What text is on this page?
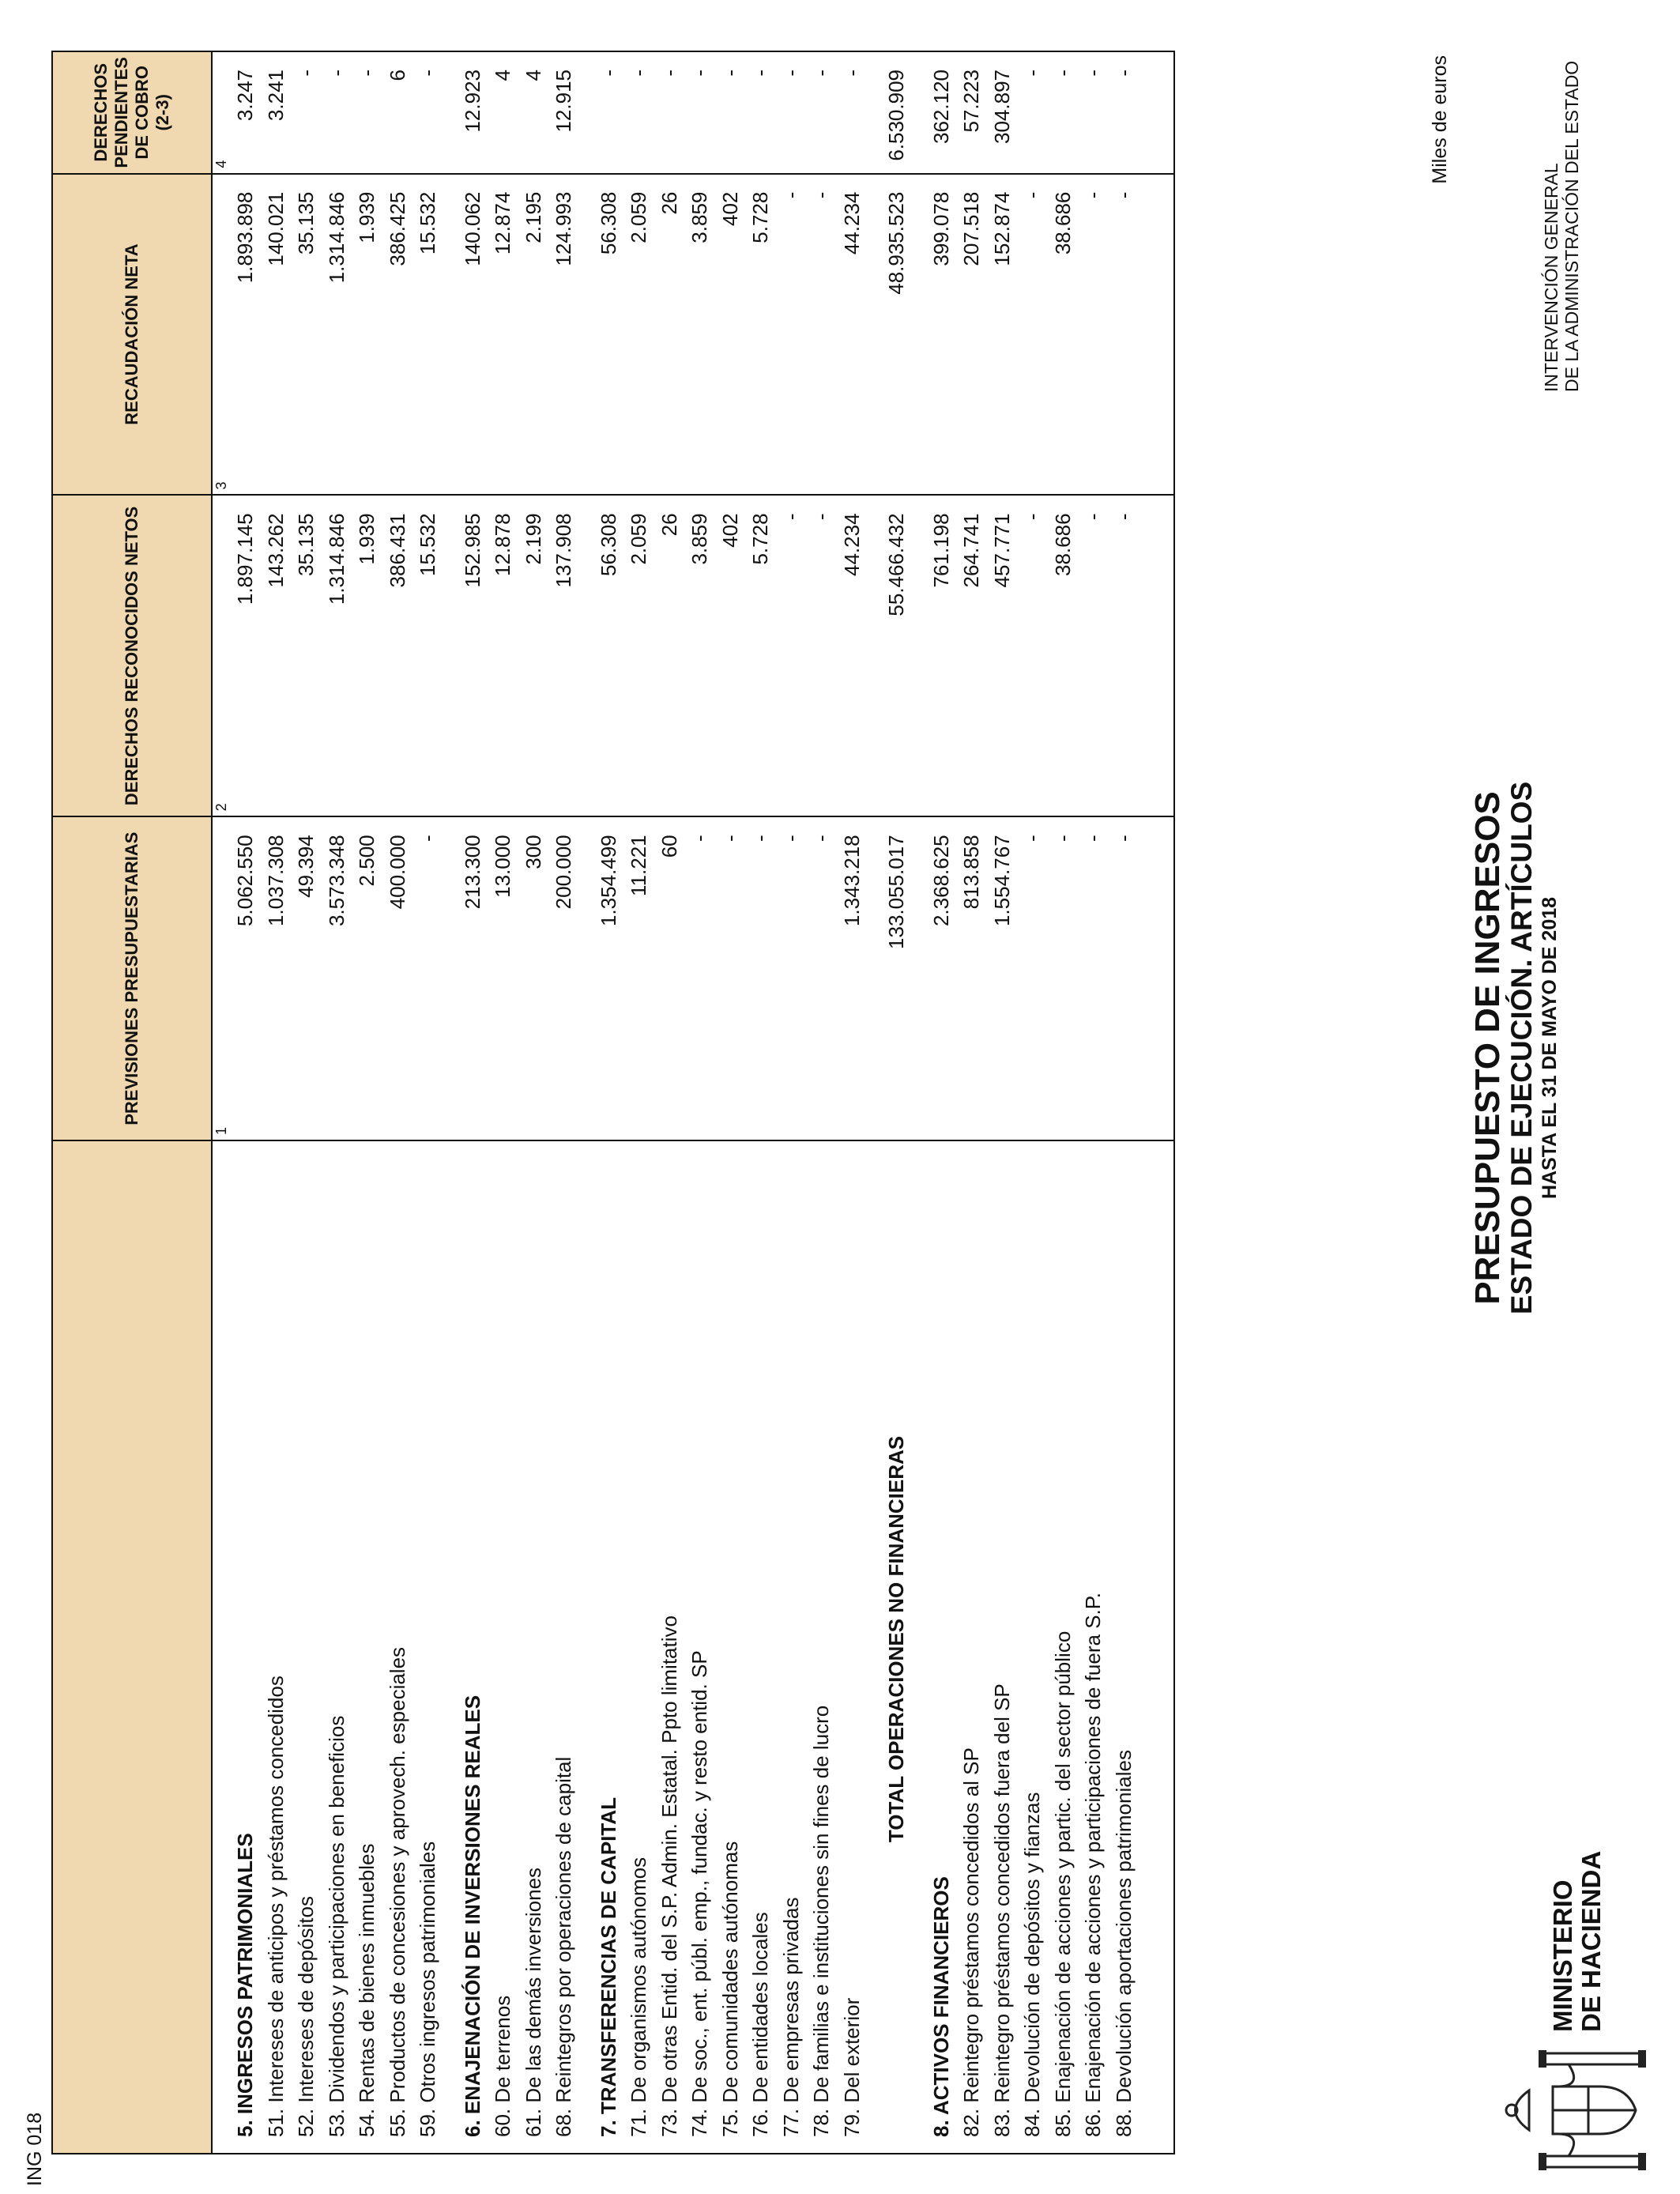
MINISTERIO DE HACIENDA
PRESUPUESTO DE INGRESOS
ESTADO DE EJECUCIÓN. ARTÍCULOS HASTA EL 31 DE MAYO DE 2018
INTERVENCIÓN GENERAL DE LA ADMINISTRACIÓN DEL ESTADO
Miles de euros
ING 018
	PREVISIONES PRESUPUESTARIAS	DERECHOS RECONOCIDOS NETOS	RECAUDACIÓN NETA	DERECHOS PENDIENTES DE COBRO (2-3)
	1	2	3	4
5. INGRESOS PATRIMONIALES	5.062.550	1.897.145	1.893.898	3.247
51. Intereses de anticipos y préstamos concedidos	1.037.308	143.262	140.021	3.241
52. Intereses de depósitos	49.394	35.135	35.135	-
53. Dividendos y participaciones en beneficios	3.573.348	1.314.846	1.314.846	-
54. Rentas de bienes inmuebles	2.500	1.939	1.939	-
55. Productos de concesiones y aprovech. especiales	400.000	386.431	386.425	6
59. Otros ingresos patrimoniales	-	15.532	15.532	-

6. ENAJENACIÓN DE INVERSIONES REALES	213.300	152.985	140.062	12.923
60. De terrenos	13.000	12.878	12.874	4
61. De las demás inversiones	300	2.199	2.195	4
68. Reintegros por operaciones de capital	200.000	137.908	124.993	12.915

7. TRANSFERENCIAS DE CAPITAL	1.354.499	56.308	56.308	-
71. De organismos autónomos	11.221	2.059	2.059	-
73. De otras Entid. del S.P. Admin. Estatal. Ppto limitativo	60	26	26	-
74. De soc., ent. públ. emp., fundac. y resto entid. SP	-	3.859	3.859	-
75. De comunidades autónomas	-	402	402	-
76. De entidades locales	-	5.728	5.728	-
77. De empresas privadas	-	-	-	-
78. De familias e instituciones sin fines de lucro	-	-	-	-
79. Del exterior	1.343.218	44.234	44.234	-

TOTAL OPERACIONES NO FINANCIERAS	133.055.017	55.466.432	48.935.523	6.530.909

8. ACTIVOS FINANCIEROS	2.368.625	761.198	399.078	362.120
82. Reintegro préstamos concedidos al SP	813.858	264.741	207.518	57.223
83. Reintegro préstamos concedidos fuera del SP	1.554.767	457.771	152.874	304.897
84. Devolución de depósitos y fianzas	-	-	-	-
85. Enajenación de acciones y partic. del sector público	-	38.686	38.686	-
86. Enajenación de acciones y participaciones de fuera S.P.	-	-	-	-
88. Devolución aportaciones patrimoniales	-	-	-	-
